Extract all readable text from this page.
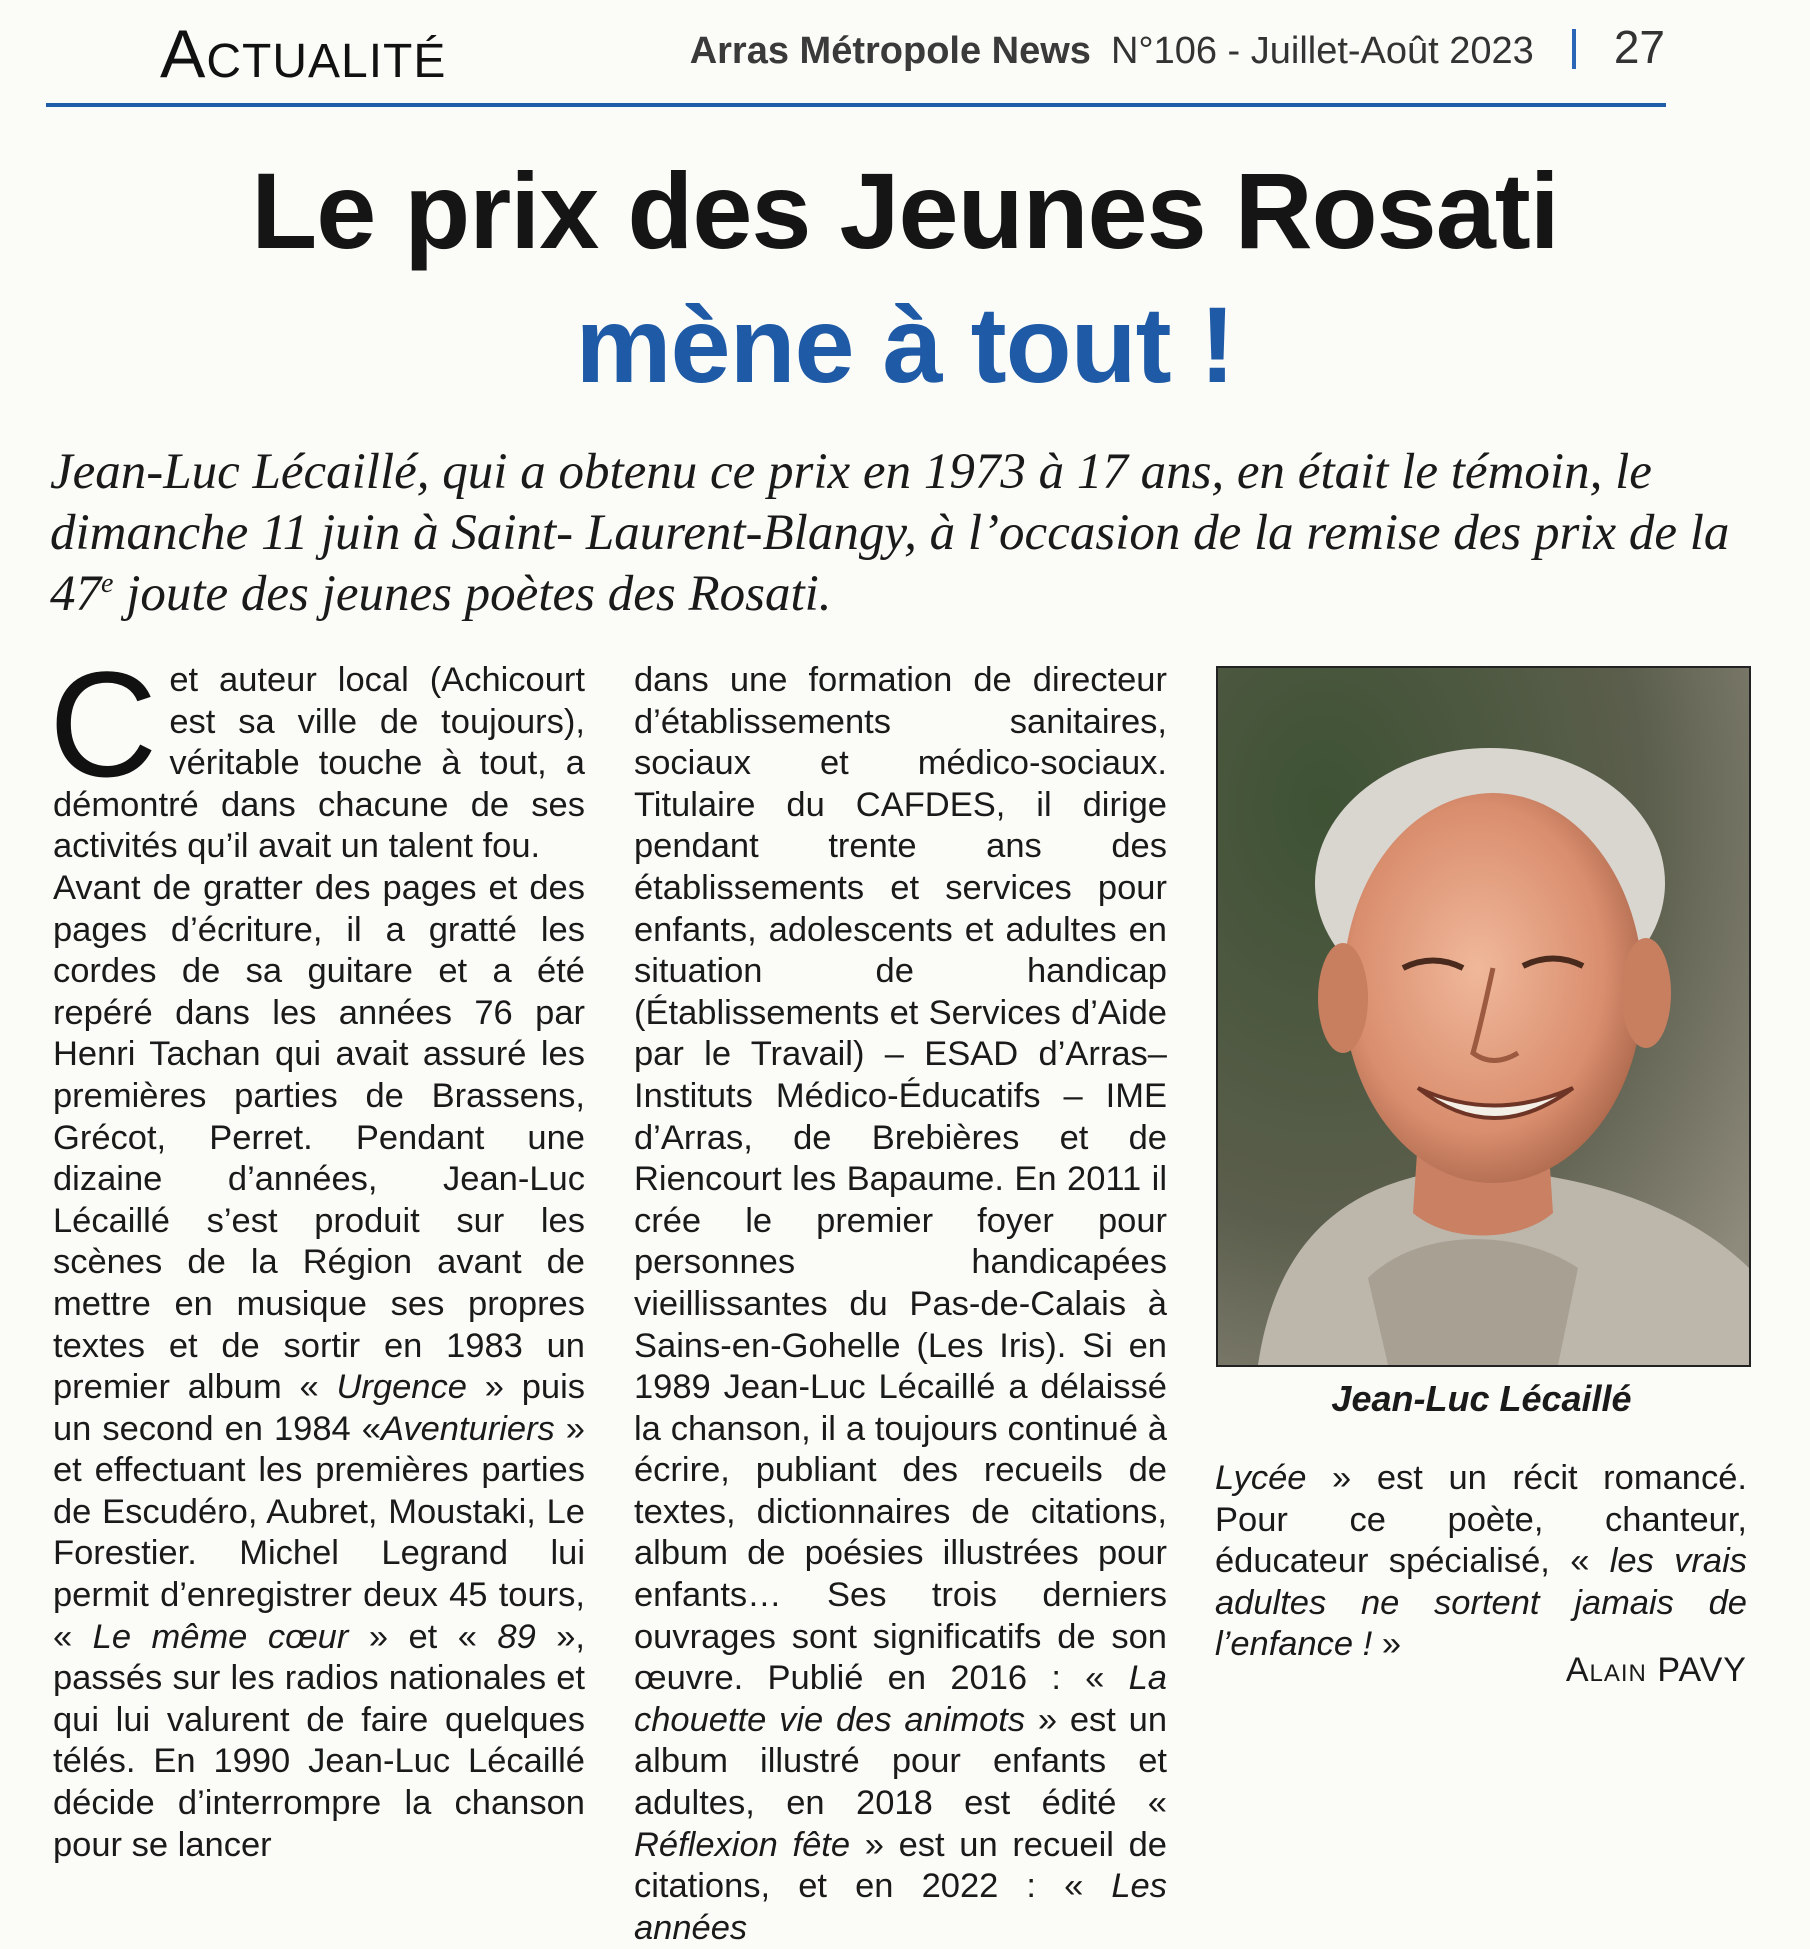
Actualité	Arras Métropole News N°106 - Juillet-Août 2023 27
Le prix des Jeunes Rosati
mène à tout !
Jean-Luc Lécaillé, qui a obtenu ce prix en 1973 à 17 ans, en était le témoin, le dimanche 11 juin à Saint- Laurent-Blangy, à l’occasion de la remise des prix de la 47e joute des jeunes poètes des Rosati.

Cet auteur local (Achicourt est sa ville de toujours), véritable touche à tout, a démontré dans chacune de ses activités qu’il avait un talent fou.

Avant de gratter des pages et des pages d’écriture, il a gratté les cordes de sa guitare et a été repéré dans les années 76 par Henri Tachan qui avait assuré les premières parties de Brassens, Grécot, Perret. Pendant une dizaine d’années, Jean-Luc Lécaillé s’est produit sur les scènes de la Région avant de mettre en musique ses propres textes et de sortir en 1983 un premier album « Urgence » puis un second en 1984 «Aventuriers » et effectuant les premières parties de Escudéro, Aubret, Moustaki, Le Forestier. Michel Legrand lui permit d’enregistrer deux 45 tours, « Le même cœur » et « 89 », passés sur les radios nationales et qui lui valurent de faire quelques télés. En 1990 Jean-Luc Lécaillé décide d’interrompre la chanson pour se lancer

dans une formation de directeur d’établissements sanitaires, sociaux et médico-sociaux. Titulaire du CAFDES, il dirige pendant trente ans des établissements et services pour enfants, adolescents et adultes en situation de handicap (Établissements et Services d’Aide par le Travail) – ESAD d’Arras– Instituts Médico-Éducatifs – IME d’Arras, de Brebières et de Riencourt les Bapaume. En 2011 il crée le premier foyer pour personnes handicapées vieillissantes du Pas-de-Calais à Sains-en-Gohelle (Les Iris). Si en 1989 Jean-Luc Lécaillé a délaissé la chanson, il a toujours continué à écrire, publiant des recueils de textes, dictionnaires de citations, album de poésies illustrées pour enfants… Ses trois derniers ouvrages sont significatifs de son œuvre. Publié en 2016 : « La chouette vie des animots » est un album illustré pour enfants et adultes, en 2018 est édité « Réflexion fête » est un recueil de citations, et en 2022 : « Les années

Jean-Luc Lécaillé

Lycée » est un récit romancé. Pour ce poète, chanteur, éducateur spécialisé, « les vrais adultes ne sortent jamais de l’enfance ! »

Alain PAVY
